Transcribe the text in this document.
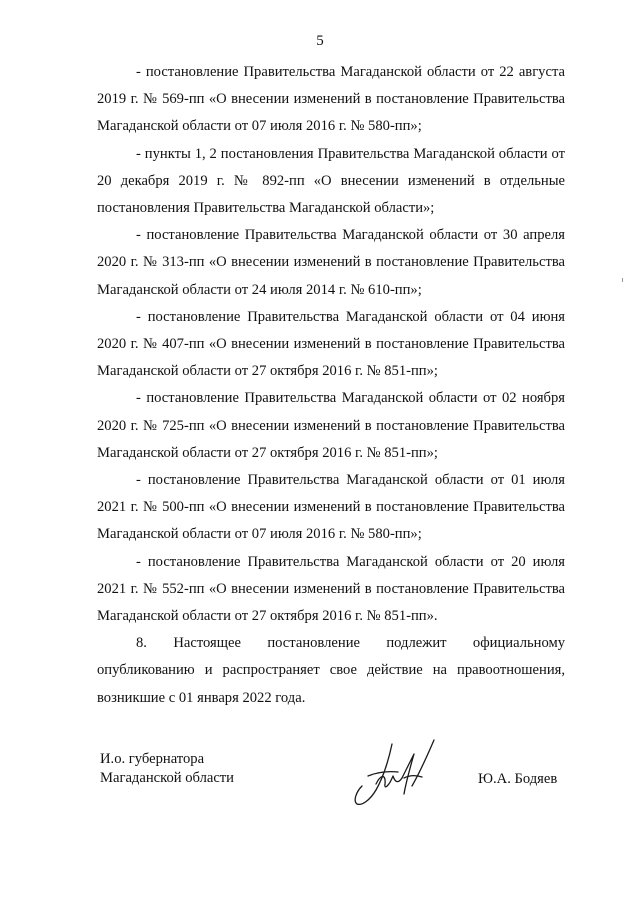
5

- постановление Правительства Магаданской области от 22 августа 2019 г. № 569-пп «О внесении изменений в постановление Правительства Магаданской области от 07 июля 2016 г. № 580-пп»;

- пункты 1, 2 постановления Правительства Магаданской области от 20 декабря 2019 г. № 892-пп «О внесении изменений в отдельные постановления Правительства Магаданской области»;

- постановление Правительства Магаданской области от 30 апреля 2020 г. № 313-пп «О внесении изменений в постановление Правительства Магаданской области от 24 июля 2014 г. № 610-пп»;

- постановление Правительства Магаданской области от 04 июня 2020 г. № 407-пп «О внесении изменений в постановление Правительства Магаданской области от 27 октября 2016 г. № 851-пп»;

- постановление Правительства Магаданской области от 02 ноября 2020 г. № 725-пп «О внесении изменений в постановление Правительства Магаданской области от 27 октября 2016 г. № 851-пп»;

- постановление Правительства Магаданской области от 01 июля 2021 г. № 500-пп «О внесении изменений в постановление Правительства Магаданской области от 07 июля 2016 г. № 580-пп»;

- постановление Правительства Магаданской области от 20 июля 2021 г. № 552-пп «О внесении изменений в постановление Правительства Магаданской области от 27 октября 2016 г. № 851-пп».

8. Настоящее постановление подлежит официальному опубликованию и распространяет свое действие на правоотношения, возникшие с 01 января 2022 года.

И.о. губернатора
Магаданской области	Ю.А. Бодяев
